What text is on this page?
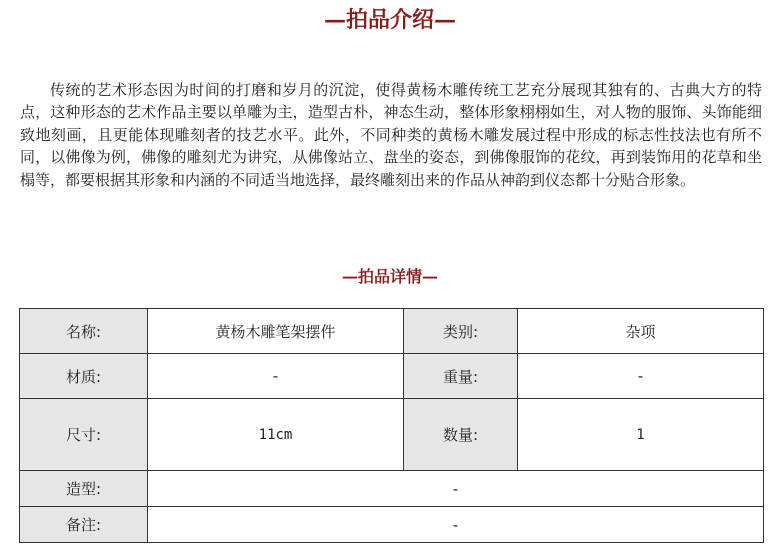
—拍品介绍—

传统的艺术形态因为时间的打磨和岁月的沉淀，使得黄杨木雕传统工艺充分展现其独有的、古典大方的特点，这种形态的艺术作品主要以单雕为主，造型古朴，神态生动，整体形象栩栩如生，对人物的服饰、头饰能细致地刻画，且更能体现雕刻者的技艺水平。此外，不同种类的黄杨木雕发展过程中形成的标志性技法也有所不同，以佛像为例，佛像的雕刻尤为讲究，从佛像站立、盘坐的姿态，到佛像服饰的花纹，再到装饰用的花草和坐榻等，都要根据其形象和内涵的不同适当地选择，最终雕刻出来的作品从神韵到仪态都十分贴合形象。

—拍品详情—
名称:	黄杨木雕笔架摆件	类别:	杂项
材质:	-	重量:	-
尺寸:	11cm	数量:	1
造型:	-		
备注:	-		
